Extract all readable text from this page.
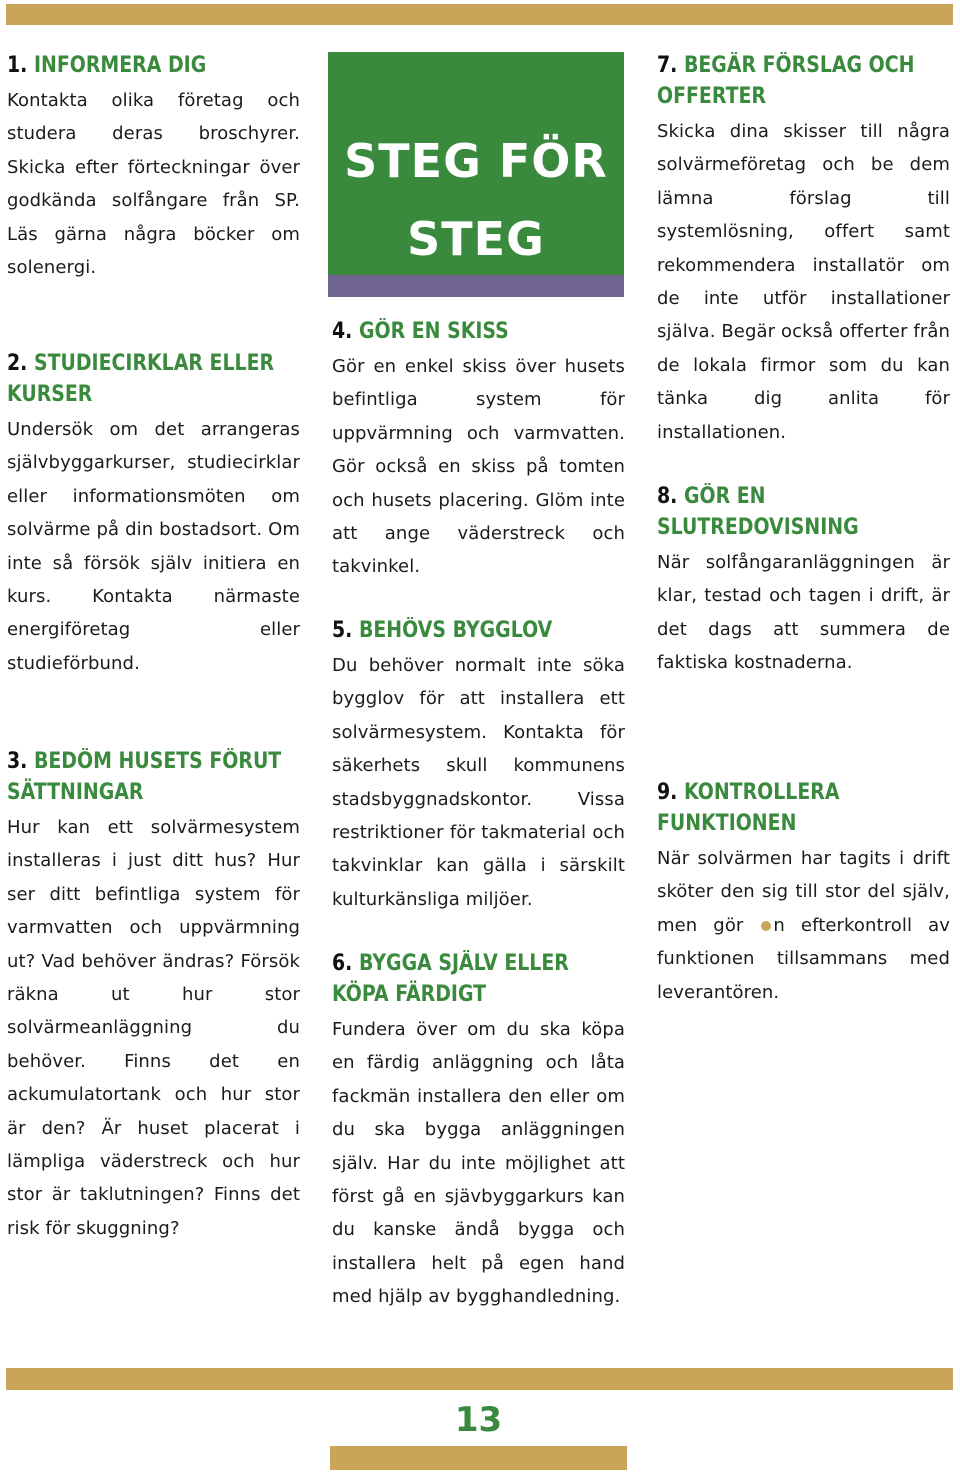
1. INFORMERA DIG
Kontakta olika företag och studera deras broschyrer. Skicka efter förteckningar över godkända solfångare från SP. Läs gärna några böcker om solenergi.
2. STUDIECIRKLAR ELLER
KURSER
Undersök om det arrangeras självbyggarkurser, studiecirklar eller informationsmöten om solvärme på din bostadsort. Om inte så försök själv initiera en kurs. Kontakta närmaste energiföretag eller studieförbund.
3. BEDÖM HUSETS FÖRUT
SÄTTNINGAR
Hur kan ett solvärmesystem installeras i just ditt hus? Hur ser ditt befintliga system för varmvatten och uppvärmning ut? Vad behöver ändras? Försök räkna ut hur stor solvärmeanläggning du behöver. Finns det en ackumulatortank och hur stor är den? Är huset placerat i lämpliga väderstreck och hur stor är taklutningen? Finns det risk för skuggning?
STEG FÖR
STEG
4. GÖR EN SKISS
Gör en enkel skiss över husets befintliga system för uppvärmning och varmvatten. Gör också en skiss på tomten och husets placering. Glöm inte att ange väderstreck och takvinkel.
5. BEHÖVS BYGGLOV
Du behöver normalt inte söka bygglov för att installera ett solvärmesystem. Kontakta för säkerhets skull kommunens stadsbyggnadskontor. Vissa restriktioner för takmaterial och takvinklar kan gälla i särskilt kulturkänsliga miljöer.
6. BYGGA SJÄLV ELLER
KÖPA FÄRDIGT
Fundera över om du ska köpa en färdig anläggning och låta fackmän installera den eller om du ska bygga anläggningen själv. Har du inte möjlighet att först gå en sjävbyggarkurs kan du kanske ändå bygga och installera helt på egen hand med hjälp av bygghandledning.
7. BEGÄR FÖRSLAG OCH
OFFERTER
Skicka dina skisser till några solvärmeföretag och be dem lämna förslag till systemlösning, offert samt rekommendera installatör om de inte utför installationer själva. Begär också offerter från de lokala firmor som du kan tänka dig anlita för installationen.
8. GÖR EN
SLUTREDOVISNING
När solfångaranläggningen är klar, testad och tagen i drift, är det dags att summera de faktiska kostnaderna.
9. KONTROLLERA
FUNKTIONEN
När solvärmen har tagits i drift sköter den sig till stor del själv, men gör n efterkontroll av funktionen tillsammans med leverantören.
13
